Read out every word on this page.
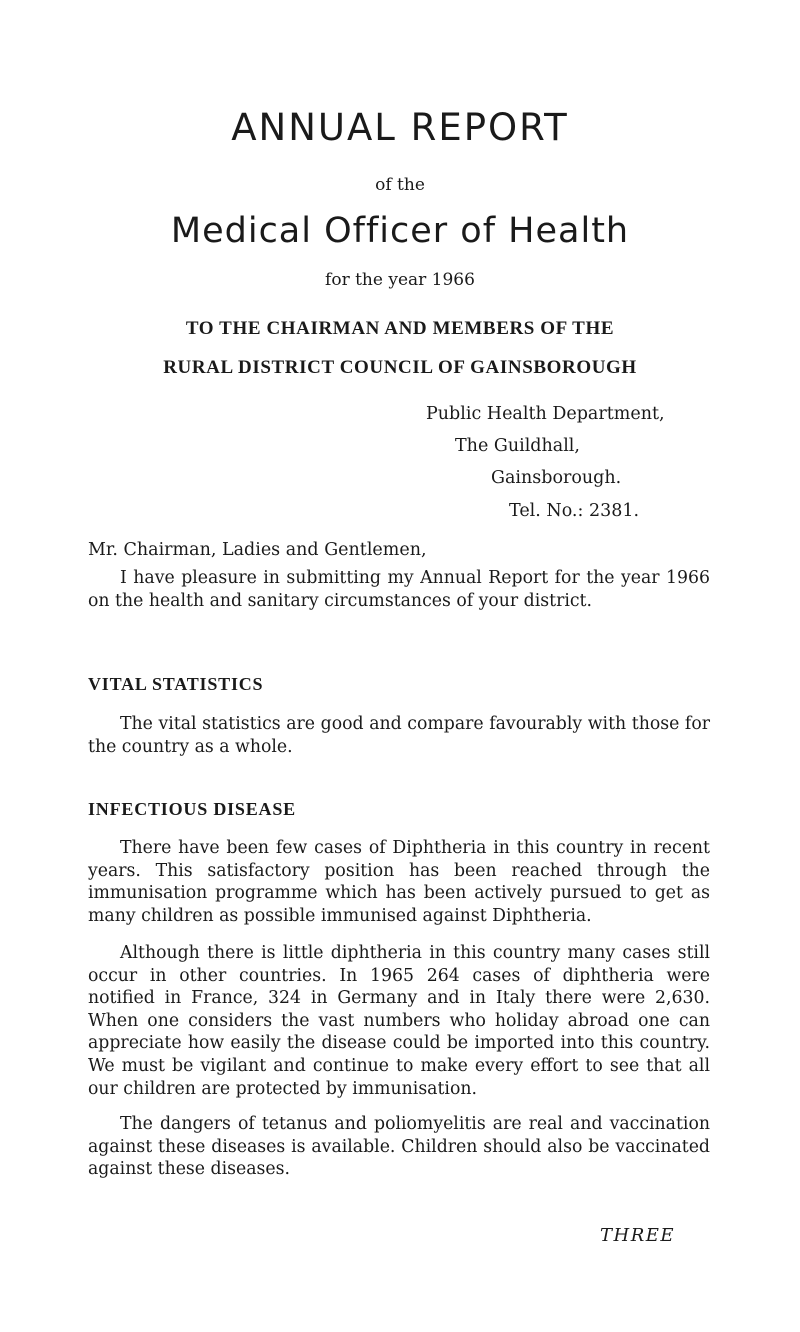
ANNUAL REPORT
of the
Medical Officer of Health
for the year 1966
TO THE CHAIRMAN AND MEMBERS OF THE
RURAL DISTRICT COUNCIL OF GAINSBOROUGH
Public Health Department,
The Guildhall,
Gainsborough.
Tel. No.: 2381.
Mr. Chairman, Ladies and Gentlemen,

I have pleasure in submitting my Annual Report for the year 1966 on the health and sanitary circumstances of your district.

VITAL STATISTICS

The vital statistics are good and compare favourably with those for the country as a whole.

INFECTIOUS DISEASE

There have been few cases of Diphtheria in this country in recent years. This satisfactory position has been reached through the immunisation programme which has been actively pursued to get as many children as possible immunised against Diphtheria.

Although there is little diphtheria in this country many cases still occur in other countries. In 1965 264 cases of diphtheria were notified in France, 324 in Germany and in Italy there were 2,630. When one considers the vast numbers who holiday abroad one can appreciate how easily the disease could be imported into this country. We must be vigilant and continue to make every effort to see that all our children are protected by immunisation.

The dangers of tetanus and poliomyelitis are real and vaccination against these diseases is available. Children should also be vaccinated against these diseases.

THREE
